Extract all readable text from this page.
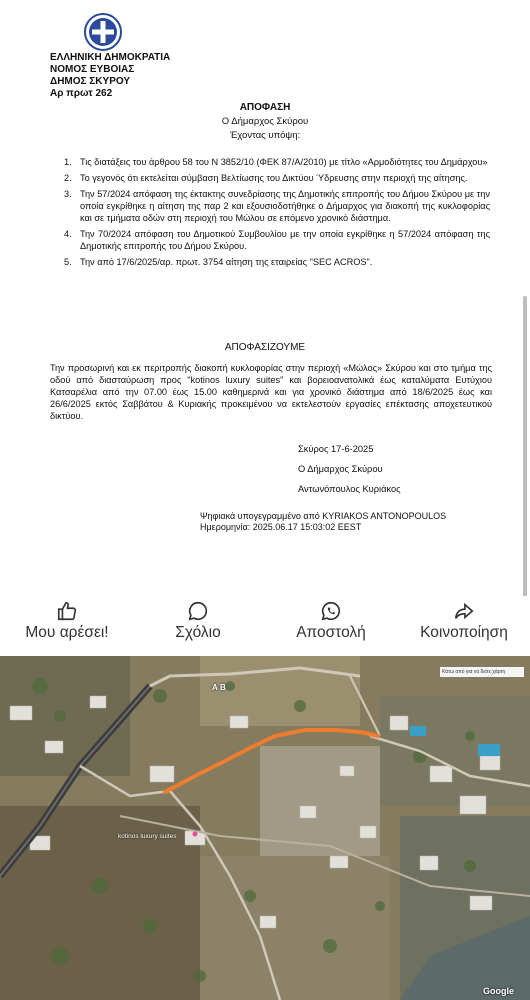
ΕΛΛΗΝΙΚΗ ΔΗΜΟΚΡΑΤΙΑ
ΝΟΜΟΣ ΕΥΒΟΙΑΣ
ΔΗΜΟΣ ΣΚΥΡΟΥ
Αρ πρωτ 262
ΑΠΟΦΑΣΗ
Ο Δήμαρχος Σκύρου
Έχοντας υπόψη:
1. Τις διατάξεις του άρθρου 58 του Ν 3852/10 (ΦΕΚ 87/Α/2010) με τίτλο «Αρμοδιότητες του Δημάρχου»
2. Το γεγονός ότι εκτελείται σύμβαση Βελτίωσης του Δικτύου Ύδρευσης στην περιοχή της αίτησης.
3. Την 57/2024 απόφαση της έκτακτης συνεδρίασης της Δημοτικής επιτροπής του Δήμου Σκύρου με την οποία εγκρίθηκε η αίτηση της παρ 2 και εξουσιοδοτήθηκε ο Δήμαρχος για διακοπή της κυκλοφορίας και σε τμήματα οδών στη περιοχή του Μώλου σε επόμενο χρονικό διάστημα.
4. Την 70/2024 απόφαση του Δημοτικού Συμβουλίου με την οποία εγκρίθηκε η 57/2024 απόφαση της Δημοτικής επιτροπής του Δήμου Σκύρου.
5. Την από 17/6/2025/αρ. πρωτ. 3754 αίτηση της εταιρείας "SEC ACROS".
ΑΠΟΦΑΣΙΖΟΥΜΕ
Την προσωρινή και εκ περιτροπής διακοπή κυκλοφορίας στην περιοχή «Μώλος» Σκύρου και στο τμήμα της οδού από διασταύρωση προς "kotinos luxury suites" και βορειοανατολικά έως καταλύματα Ευτύχιου Κατσαρέλια από την 07.00 έως 15.00 καθημερινά και για χρονικό διάστημα από 18/6/2025 έως και 26/6/2025 εκτός Σαββάτου & Κυριακής προκειμένου να εκτελεστούν εργασίες επέκτασης αποχετευτικού δικτύου.
Σκύρος 17-6-2025
Ο Δήμαρχος Σκύρου
Αντωνόπουλος Κυριάκος
Ψηφιακά υπογεγραμμένο από KYRIAKOS ANTONOPOULOS
Ημερομηνία: 2025.06.17 15:03:02 EEST
Μου αρέσει!	Σχόλιο	Αποστολή	Κοινοποίηση
Α Β
kotinos luxury suites
Κάτω από για να δείτε χάρτη
Google
